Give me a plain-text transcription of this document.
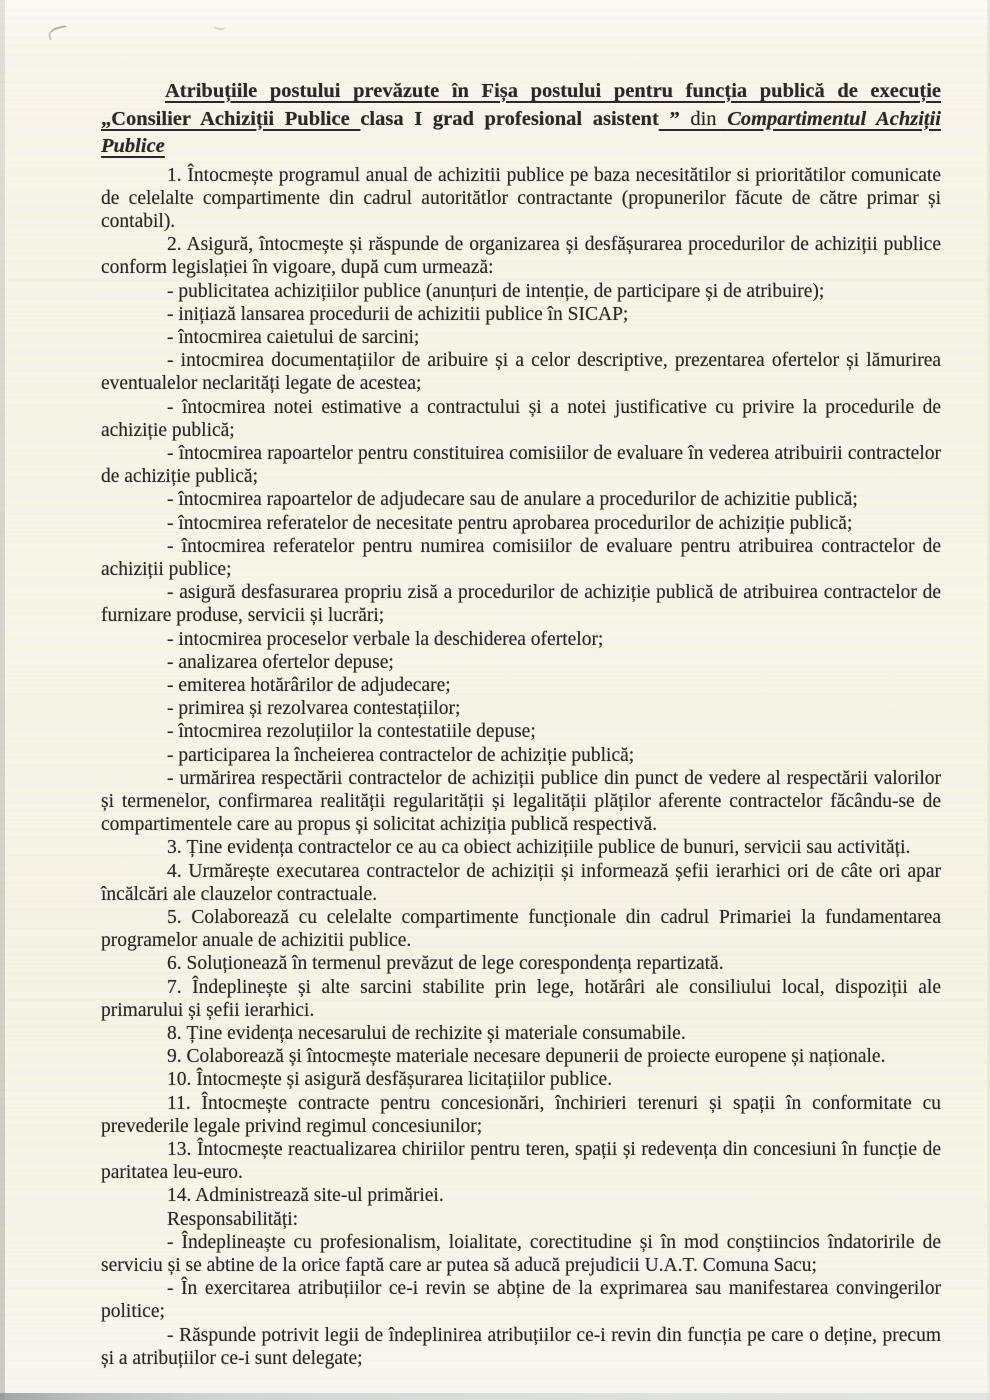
Atribuțiile postului prevăzute în Fișa postului pentru funcția publică de execuție
„Consilier Achiziții Publice clasa I grad profesional asistent ” din Compartimentul Achziții
Publice

1. Întocmește programul anual de achizitii publice pe baza necesitătilor si prioritătilor comunicate de celelalte compartimente din cadrul autoritătlor contractante (propunerilor făcute de către primar și contabil).

2. Asigură, întocmește și răspunde de organizarea și desfășurarea procedurilor de achiziții publice conform legislației în vigoare, după cum urmează:

- publicitatea achizițiilor publice (anunțuri de intenție, de participare și de atribuire);

- inițiază lansarea procedurii de achizitii publice în SICAP;

- întocmirea caietului de sarcini;

- intocmirea documentațiilor de aribuire și a celor descriptive, prezentarea ofertelor și lămurirea eventualelor neclarități legate de acestea;

- întocmirea notei estimative a contractului și a notei justificative cu privire la procedurile de achiziție publică;

- întocmirea rapoartelor pentru constituirea comisiilor de evaluare în vederea atribuirii contractelor de achiziție publică;

- întocmirea rapoartelor de adjudecare sau de anulare a procedurilor de achizitie publică;

- întocmirea referatelor de necesitate pentru aprobarea procedurilor de achiziție publică;

- întocmirea referatelor pentru numirea comisiilor de evaluare pentru atribuirea contractelor de achiziții publice;

- asigură desfasurarea propriu zisă a procedurilor de achiziție publică de atribuirea contractelor de furnizare produse, servicii și lucrări;

- intocmirea proceselor verbale la deschiderea ofertelor;

- analizarea ofertelor depuse;

- emiterea hotărârilor de adjudecare;

- primirea și rezolvarea contestațiilor;

- întocmirea rezoluțiilor la contestatiile depuse;

- participarea la încheierea contractelor de achiziție publică;

- urmărirea respectării contractelor de achiziții publice din punct de vedere al respectării valorilor și termenelor, confirmarea realității regularității și legalității plăților aferente contractelor făcându-se de compartimentele care au propus și solicitat achiziția publică respectivă.

3. Ține evidența contractelor ce au ca obiect achizițiile publice de bunuri, servicii sau activități.

4. Urmărește executarea contractelor de achiziții și informează șefii ierarhici ori de câte ori apar încălcări ale clauzelor contractuale.

5. Colaborează cu celelalte compartimente funcționale din cadrul Primariei la fundamentarea programelor anuale de achizitii publice.

6. Soluționează în termenul prevăzut de lege corespondența repartizată.

7. Îndeplinește și alte sarcini stabilite prin lege, hotărâri ale consiliului local, dispoziții ale primarului și șefii ierarhici.

8. Ține evidența necesarului de rechizite și materiale consumabile.

9. Colaborează și întocmește materiale necesare depunerii de proiecte europene și naționale.

10. Întocmește și asigură desfășurarea licitațiilor publice.

11. Întocmește contracte pentru concesionări, închirieri terenuri și spații în conformitate cu prevederile legale privind regimul concesiunilor;

13. Întocmește reactualizarea chiriilor pentru teren, spații și redevența din concesiuni în funcție de paritatea leu-euro.

14. Administrează site-ul primăriei.

Responsabilități:

- Îndeplineaște cu profesionalism, loialitate, corectitudine și în mod conștiincios îndatoririle de serviciu și se abtine de la orice faptă care ar putea să aducă prejudicii U.A.T. Comuna Sacu;

- În exercitarea atribuțiilor ce-i revin se abține de la exprimarea sau manifestarea convingerilor politice;

- Răspunde potrivit legii de îndeplinirea atribuțiilor ce-i revin din funcția pe care o deține, precum și a atribuțiilor ce-i sunt delegate;
